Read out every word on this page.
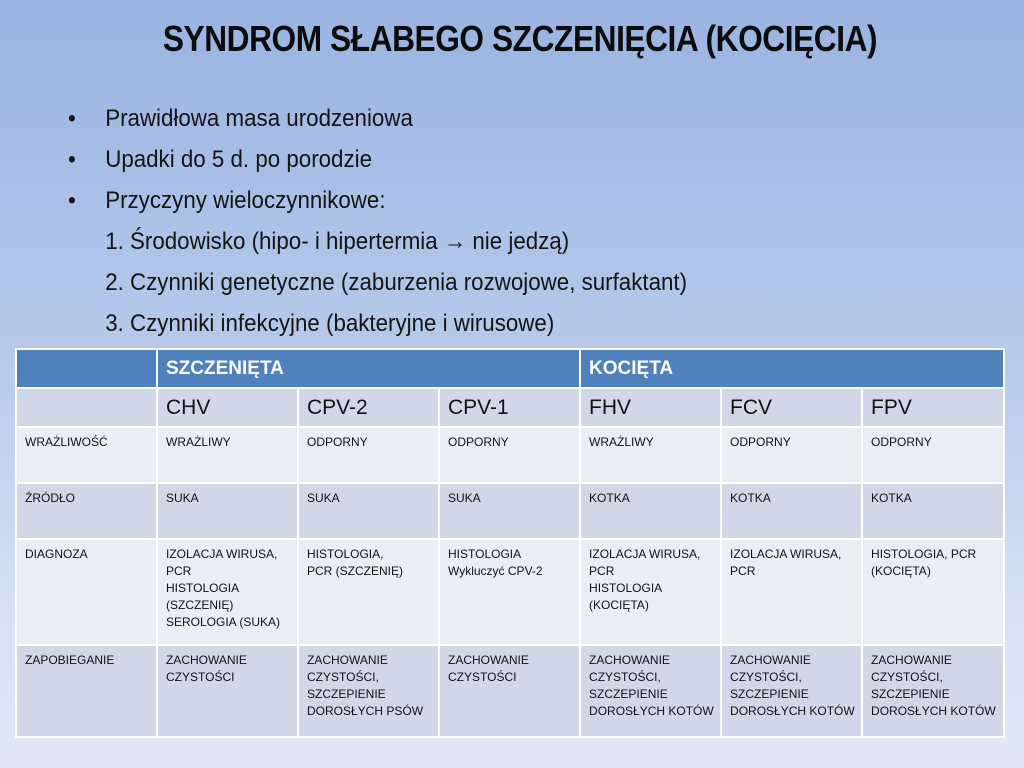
SYNDROM SŁABEGO SZCZENIĘCIA (KOCIĘCIA)
• Prawidłowa masa urodzeniowa
• Upadki do 5 d. po porodzie
• Przyczyny wieloczynnikowe:
1. Środowisko (hipo- i hipertermia → nie jedzą)
2. Czynniki genetyczne (zaburzenia rozwojowe, surfaktant)
3. Czynniki infekcyjne (bakteryjne i wirusowe)
	SZCZENIĘTA			KOCIĘTA		
	CHV	CPV-2	CPV-1	FHV	FCV	FPV
WRAŻLIWOŚĆ	WRAŻLIWY	ODPORNY	ODPORNY	WRAŻLIWY	ODPORNY	ODPORNY

ŹRÓDŁO	SUKA	SUKA	SUKA	KOTKA	KOTKA	KOTKA

DIAGNOZA	IZOLACJA WIRUSA,
PCR
HISTOLOGIA
(SZCZENIĘ)
SEROLOGIA (SUKA)	HISTOLOGIA,
PCR (SZCZENIĘ)	HISTOLOGIA
Wykluczyć CPV-2	IZOLACJA WIRUSA,
PCR
HISTOLOGIA
(KOCIĘTA)	IZOLACJA WIRUSA,
PCR	HISTOLOGIA, PCR
(KOCIĘTA)

ZAPOBIEGANIE	ZACHOWANIE
CZYSTOŚCI	ZACHOWANIE
CZYSTOŚCI,
SZCZEPIENIE
DOROSŁYCH PSÓW	ZACHOWANIE
CZYSTOŚCI	ZACHOWANIE
CZYSTOŚCI,
SZCZEPIENIE
DOROSŁYCH KOTÓW	ZACHOWANIE
CZYSTOŚCI,
SZCZEPIENIE
DOROSŁYCH KOTÓW	ZACHOWANIE
CZYSTOŚCI,
SZCZEPIENIE
DOROSŁYCH KOTÓW
